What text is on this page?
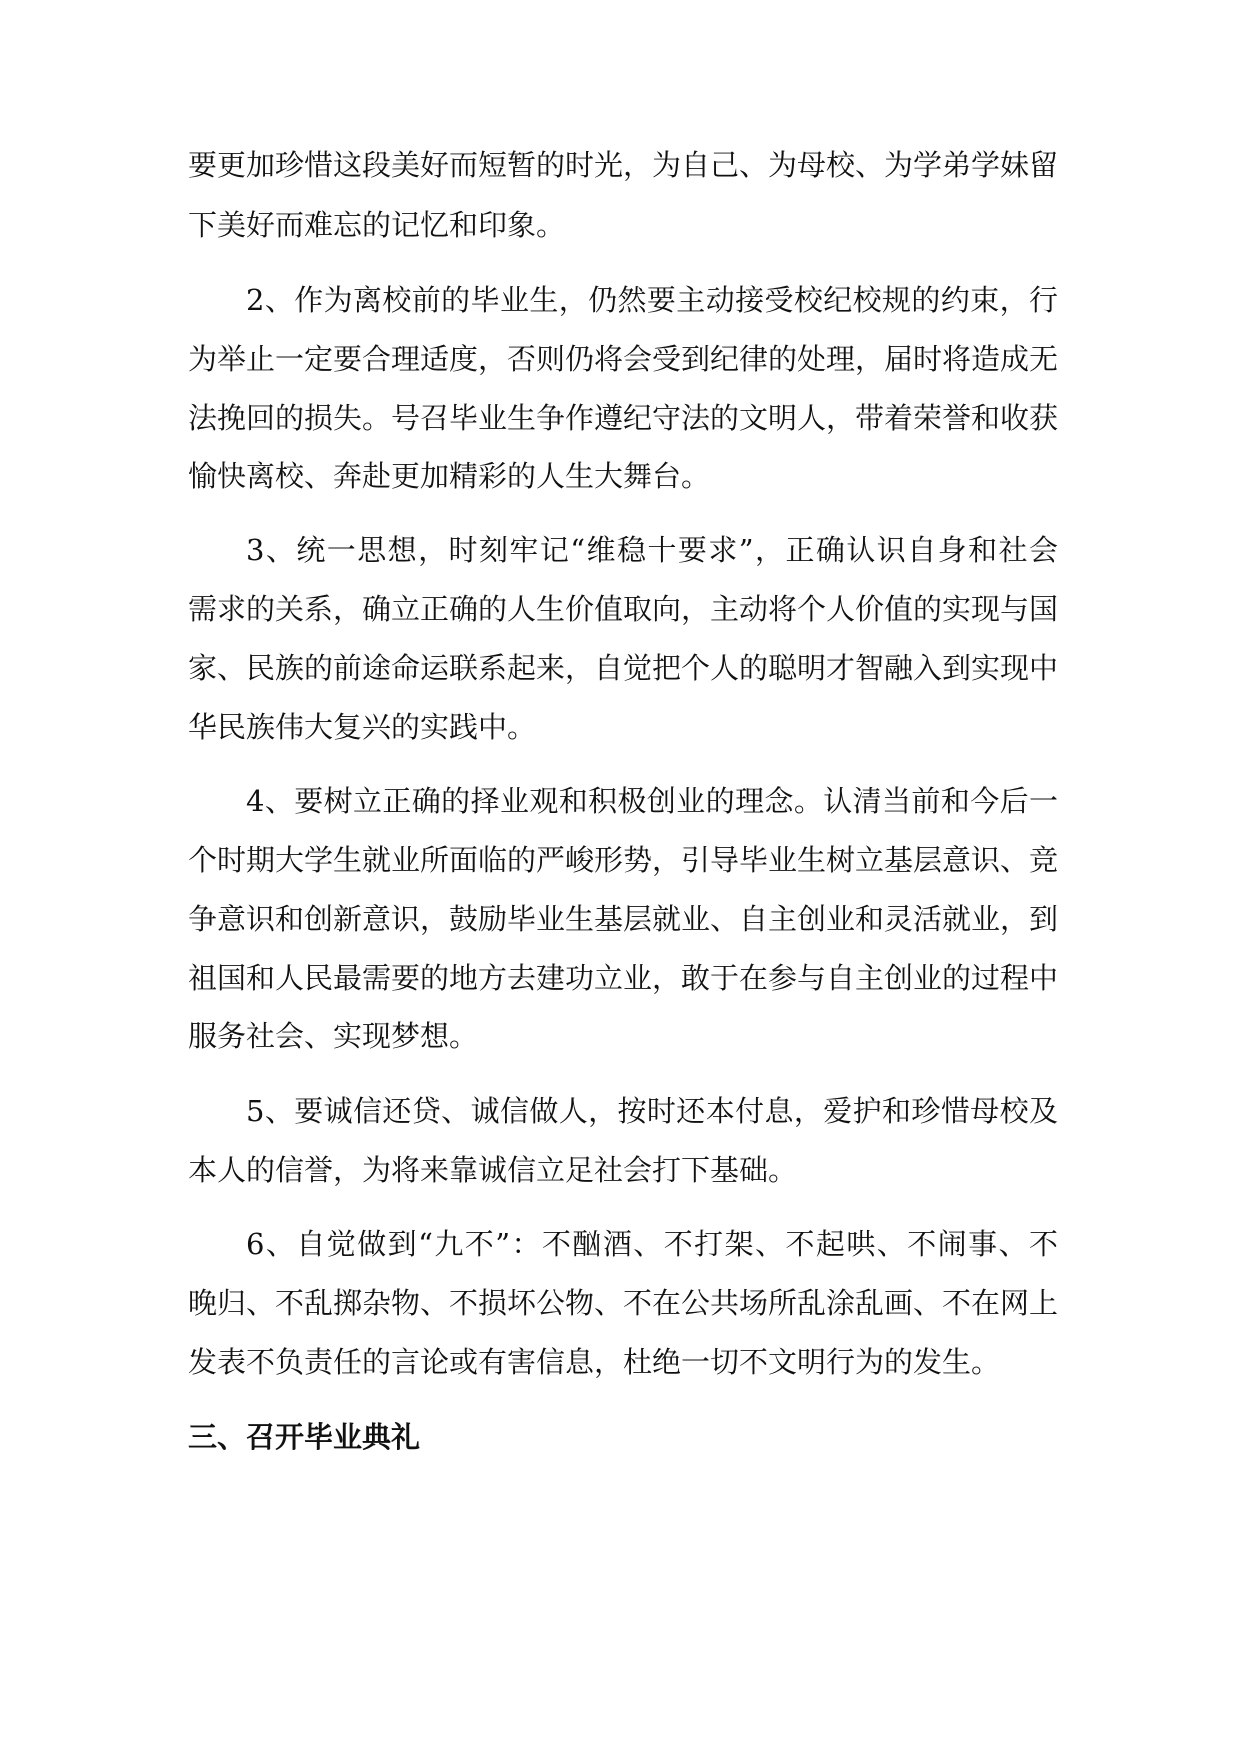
要更加珍惜这段美好而短暂的时光，为自己、为母校、为学弟学妹留
下美好而难忘的记忆和印象。
2、作为离校前的毕业生，仍然要主动接受校纪校规的约束，行
为举止一定要合理适度，否则仍将会受到纪律的处理，届时将造成无
法挽回的损失。号召毕业生争作遵纪守法的文明人，带着荣誉和收获
愉快离校、奔赴更加精彩的人生大舞台。
3、统一思想，时刻牢记“维稳十要求”，正确认识自身和社会
需求的关系，确立正确的人生价值取向，主动将个人价值的实现与国
家、民族的前途命运联系起来，自觉把个人的聪明才智融入到实现中
华民族伟大复兴的实践中。
4、要树立正确的择业观和积极创业的理念。认清当前和今后一
个时期大学生就业所面临的严峻形势，引导毕业生树立基层意识、竞
争意识和创新意识，鼓励毕业生基层就业、自主创业和灵活就业，到
祖国和人民最需要的地方去建功立业，敢于在参与自主创业的过程中
服务社会、实现梦想。
5、要诚信还贷、诚信做人，按时还本付息，爱护和珍惜母校及
本人的信誉，为将来靠诚信立足社会打下基础。
6、自觉做到“九不”：不酗酒、不打架、不起哄、不闹事、不
晚归、不乱掷杂物、不损坏公物、不在公共场所乱涂乱画、不在网上
发表不负责任的言论或有害信息，杜绝一切不文明行为的发生。
三、召开毕业典礼
